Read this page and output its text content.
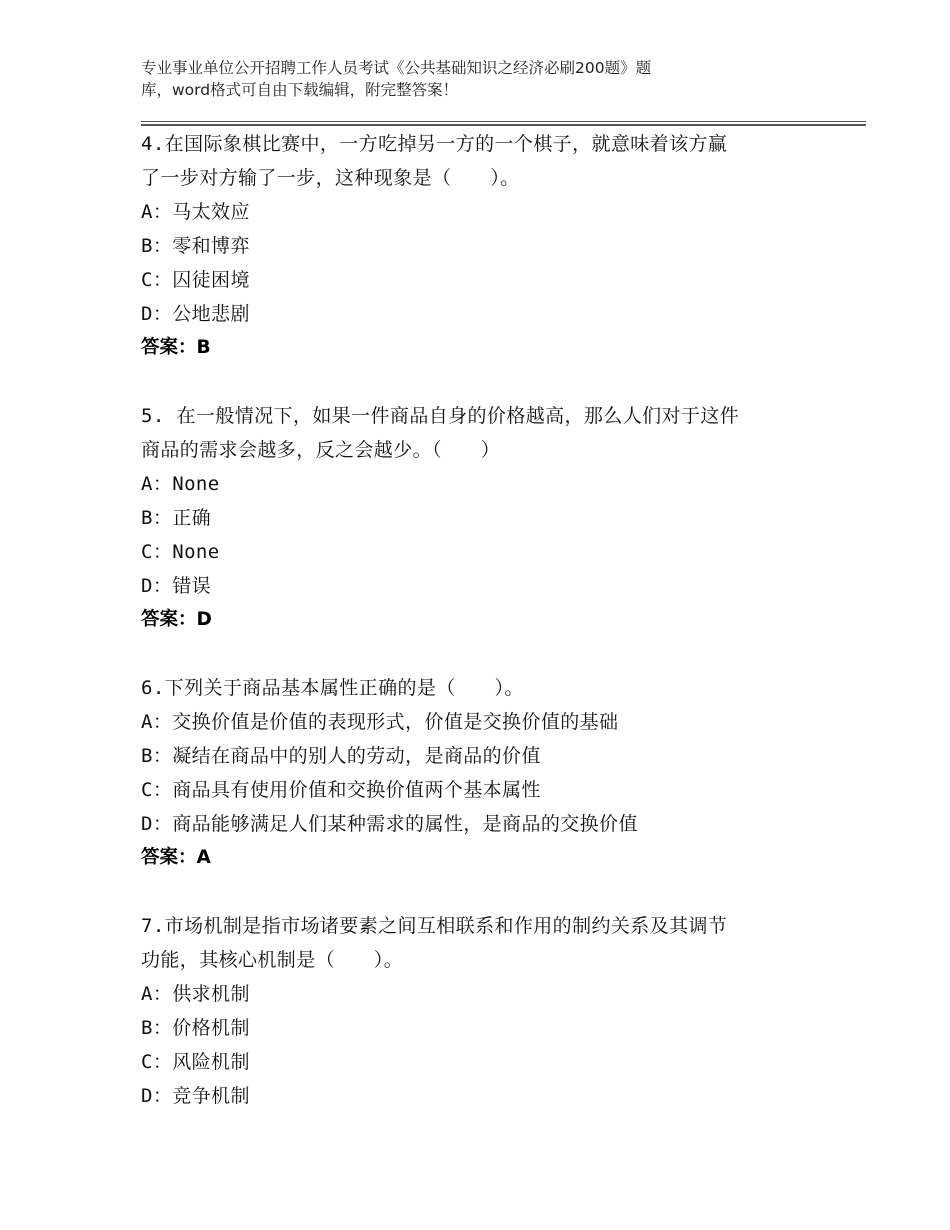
专业事业单位公开招聘工作人员考试《公共基础知识之经济必刷200题》题
库，word格式可自由下载编辑，附完整答案！
4.在国际象棋比赛中，一方吃掉另一方的一个棋子，就意味着该方赢
了一步对方输了一步，这种现象是（　　）。
A：马太效应
B：零和博弈
C：囚徒困境
D：公地悲剧
答案：B
5. 在一般情况下，如果一件商品自身的价格越高，那么人们对于这件
商品的需求会越多，反之会越少。（　　）
A：None
B：正确
C：None
D：错误
答案：D
6.下列关于商品基本属性正确的是（　　）。
A：交换价值是价值的表现形式，价值是交换价值的基础
B：凝结在商品中的别人的劳动，是商品的价值
C：商品具有使用价值和交换价值两个基本属性
D：商品能够满足人们某种需求的属性，是商品的交换价值
答案：A
7.市场机制是指市场诸要素之间互相联系和作用的制约关系及其调节
功能，其核心机制是（　　）。
A：供求机制
B：价格机制
C：风险机制
D：竞争机制
